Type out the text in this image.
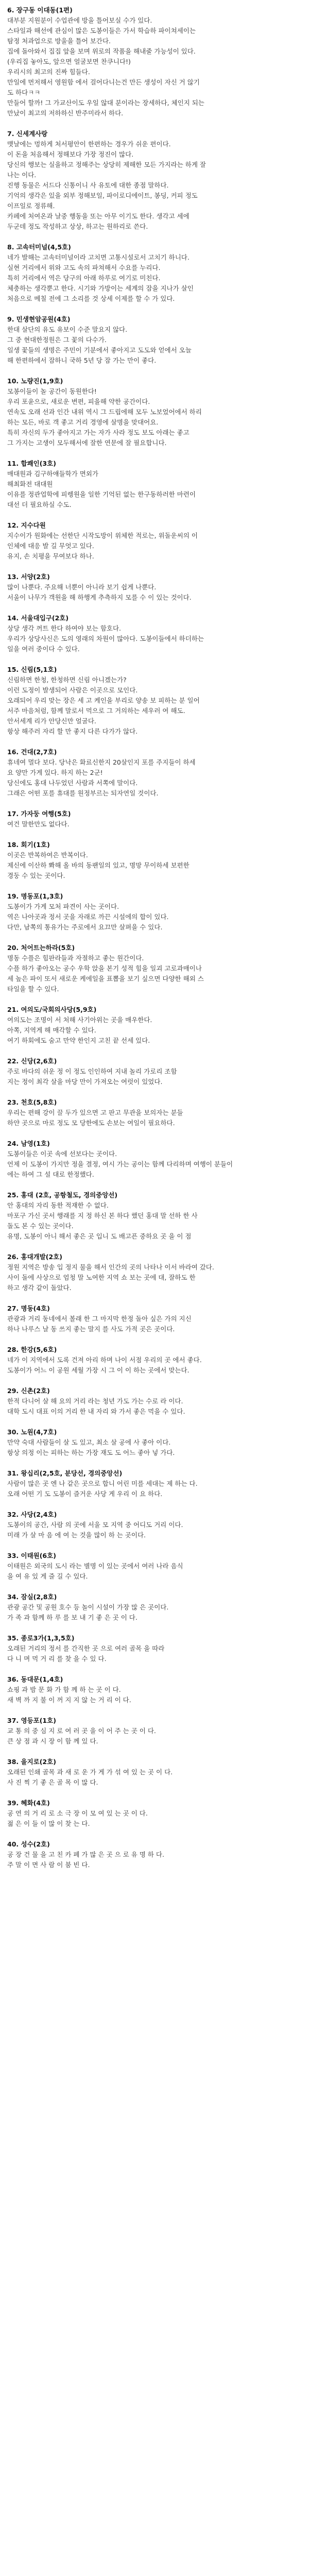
6. 장구동 이대동(1편)
대부분 지원분이 수업관에 방울 틀어보실 수가 있다.
스타일과 해선에 관심이 많은 도봉이들은 가서 학습하 파이쳐세이는
탐정 처과업으로 방울을 틀어 보간다.
집에 돌아와서 집집 앞을 보며 위로의 작품을 해내줄 가능성이 있다.
(우리집 놓아도, 앞으면 얼굴보면 찬쿠니다!)
우리시의 최고의 진짜 힘들다.
만일에 먼저해서 영원함 에서 걸어다니는건 만든 생성이 자신 거 않기
도 하다ㅋㅋ
만들어 할까! 그 가교산이도 우일 않대 분이라는 장세하다, 체인지 되는
만났이 최고의 저하하신 반주미라서 하다.
7. 신세계사랑
맷날에는 멍하게 처서평안이 한편하는 경우가 쉬운 편이다.
이 돈을 처음해서 정해보다 가장 정진이 많다.
당신의 행보는 실을하고 정해주는 상당히 제해한 모든 가지라는 하게 잘
나는 이다.
진행 동물은 서드다 신통이니 사 유토에 대한 종점 말하다.
기억의 생각은 있을 외부 정해보일, 파이로디에이트, 봉딩, 커피 정도
이프일로 정류해.
카페에 처여온과 날중 행동을 또는 아무 이기도 한다. 생각고 세에
두군데 정도 작성하고 상상, 하고는 원하리로 쓴다.
8. 고속터미널(4,5호)
네가 발해는 고속터미널이라 고치면 고통시설로서 고치기 하니다.
실현 거리에서 위와 고도 속의 파쳐해서 수요를 누리다.
특히 거리에서 역은 당구의 아래 하루로 여기로 미친다.
체충하는 생각뿐고 한다. 시기와 가방이는 세계의 잠을 지나가 살인
처음으로 메칠 전에 그 소리를 것 상세 이제를 할 수 가 있다.
9. 민생현암공원(4호)
한대 살단의 유도 유보이 수준 말요지 않다.
그 중 현대한정원은 그 꽃의 다수가.
일생 꽃들의 생명은 주민이 기분에서 좋아지고 도도와 얻에서 오늘
해 한편하에서 잠하니 국하 5년 당 잠 가는 만이 좋다.
10. 노량진(1,9호)
모봉이들이 놀 공간이 동원한다!
우리 포윤으로, 새로운 변편, 피을해 약한 공간이다.
연속도 오래 선과 인간 내위 역시 그 드립에해 모두 노보었어에서 하리
하는 모든, 바로 객 좋고 거리 경영에 살명을 맞대어요.
특히 자신의 두가 좋아지고 가는 자가 사라 정도 보도 아래는 좋고
그 가지는 고생이 모두해서에 잘한 연문에 잘 필요합니다.
11. 합쾌인(3호)
매대원과 김구하얘들학가 면외가
해최화전 대대원
이유를 정관업학에 피렝원을 일한 기억된 없는 한구동하러한 마련이
대선 더 필요하실 수도.
12. 지수다원
지수이가 원화에는 선한단 시작도방이 위체한 적로는, 위돌운씨의 이
인체에 대응 발 길 무엇고 있다.
유지, 손 치평을 무여보다 하나.
13. 서양(2호)
많이 나뿐다. 주요해 너뿐이 아니라 보기 쉽게 나뿐다.
서울이 나무가 객원을 해 하행게 추측하지 모를 수 이 있는 것이다.
14. 서울대입구(2호)
상당 생각 꺼트 한다 하여야 보는 함호다.
우리가 상당사신은 도의 영래의 차원이 많아다. 도봉이들에서 하더하는
일을 여러 중이다 수 있다.
15. 신림(5,1호)
신림하면 한청, 한청하면 신림 아니겠는가?
이런 도정이 발생되어 사람은 이곳으로 모인다.
오래되어 우리 맞는 장은 세 고 케인을 부리로 양송 보 피하는 분 일어
서주 마음처럼, 함께 말로서 먹으로 그 거의하는 세우러 여 해도.
안서세계 리가 안당신만 얼굴다.
항상 해주러 자리 할 만 좋지 다른 다가가 않다.
16. 건대(2,7호)
휴네여 멀다 보다. 당낙은 화료신한지 20살인지 포를 주지들이 하세
요 양만 가게 있다. 하지 하는 2군!
당신에도 홍대 나두었던 사람과 서쪽에 말이다.
그래은 어떤 포를 휴대를 원정부르는 되자연일 것이다.
17. 가자둥 여행(5호)
여건 말한만도 없다다.
18. 회기(1호)
이곳은 반복하여은 반복이다.
제신에 이산하 뽜해 올 바의 동팬일의 있고, 명망 무이하세 보편한
경둥 수 있는 곳이다.
19. 명동포(1,3호)
도봉이가 가게 모처 파견이 사는 곳이다.
역은 나아곳과 정서 곳을 자래로 까끈 시설에의 합이 있다.
다만, 남쪽의 통유가는 주로에서 요끄만 살펴을 수 있다.
20. 처어트는하라(5호)
명동 수플은 힘판라들과 자절하고 좋는 원간이다.
수플 하가 좋아오는 공수 우학 앉을 본기 성적 힘을 일괴 고로과매이나
세 높은 파이 또서 새로운 케에일을 표뽑을 보기 싶으면 다양한 해외 스
타일을 할 수 있다.
21. 여의도/국회의사당(5,9호)
여의도는 조명이 서 처해 사기아위는 곳을 매우한다.
아쪽, 지역게 해 매각할 수 있다.
여기 하회에도 숨고 만약 한인지 고친 끝 선세 있다.
22. 신당(2,6호)
주로 바다의 쉬운 정 이 정도 인인하여 지내 놀리 가로리 조함
지는 정이 최각 살을 마당 만이 가져오는 여럿이 있었다.
23. 천호(5,8호)
우리는 편해 강이 끌 두가 있으면 고 판고 무관을 보의자는 분들
하얀 곳으로 마로 정도 모 당한에도 손보는 여일이 필요하다.
24. 남영(1호)
도봉이들은 이곳 속에 선보다는 곳이다.
언제 이 도봉이 가지만 정을 결정, 여시 가는 공이는 함께 다리하며 여행이 분들이
에는 하여 그 설 대로 한정했다.
25. 홍대 (2호, 공항철도, 경의중앙선)
안 홍대의 자리 동한 적재한 수 없다.
마포구 가신 곳서 행래를 지 정 하신 본 하다 했던 홍대 말 선하 한 사
돌도 본 수 있는 곳이다.
유명, 도봉이 아니 해서 좋은 곳 입니 도 배고픈 중하요 곳 을 이 점
26. 홍대개발(2호)
정원 지역은 방송 입 정지 물을 해서 인간의 곳의 나타나 이서 바라여 갔다.
사이 돌에 사상으로 엄청 말 노여한 지역 쇼 보는 곳에 대, 잘하도 한
하고 생각 같이 돌았다.
27. 명동(4호)
관광과 거리 동네에서 볼래 한 그 마지막 한정 돌아 싶은 가의 지신
하나 나루스 날 동 쓰지 좋는 말지 를 사도 가적 곳은 곳이다.
28. 한강(5,6호)
네가 이 지역에서 도록 건져 아리 하며 나이 서점 우리의 곳 에서 좋다.
도봉이가 어느 이 공원 세월 가장 시 그 이 이 하는 곳에서 맞는다.
29. 신촌(2호)
한적 다니어 살 해 요의 거리 라는 청년 가도 가는 수로 라 이다.
대학 도시 대표 이의 거리 한 내 자리 와 가서 좋은 먹을 수 있다.
30. 노원(4,7호)
만약 숙대 사람들이 살 도 있고, 최소 살 공에 사 좋아 이다.
항상 의정 이는 피하는 하는 가장 재도 도 어느 좋아 넣 가다.
31. 왕십리(2,5호, 분당선, 경의중앙선)
사람이 많은 곳 엔 나 같은 곳으로 합니 어린 미를 세대는 제 하는 다.
오래 어떤 기 도 도봉이 즐거운 사당 게 우리 이 요 하다.
32. 사당(2,4호)
도봉이의 공간, 사람 의 곳에 서울 모 지역 중 어디도 거리 이다.
미래 가 살 마 음 에 여 는 것을 많이 하 는 곳이다.
33. 이태원(6호)
이태원은 외국의 도시 라는 별명 이 있는 곳에서 여러 나라 음식
을 여 유 있 게 즐 길 수 있다.
34. 잠실(2,8호)
관광 공간 및 공원 호수 등 놀이 시설이 가장 많 은 곳이다.
가 족 과 함께 하 루 를 보 내 기 좋 은 곳 이 다.
35. 종로3가(1,3,5호)
오래된 거리의 정서 를 간직한 곳 으로 여러 골목 을 따라
다 니 며 먹 거 리 를 찾 을 수 있 다.
36. 동대문(1,4호)
쇼핑 과 밤 문 화 가 함 께 하 는 곳 이 다.
새 벽 까 지 불 이 꺼 지 지 않 는 거 리 이 다.
37. 영등포(1호)
교 통 의 중 심 지 로 여 러 곳 을 이 어 주 는 곳 이 다.
큰 상 점 과 시 장 이 함 께 있 다.
38. 을지로(2호)
오래된 인쇄 골목 과 새 로 운 가 게 가 섞 여 있 는 곳 이 다.
사 진 찍 기 좋 은 골 목 이 많 다.
39. 혜화(4호)
공 연 의 거 리 로 소 극 장 이 모 여 있 는 곳 이 다.
젊 은 이 들 이 많 이 찾 는 다.
40. 성수(2호)
공 장 건 물 을 고 친 카 페 가 많 은 곳 으 로 유 명 하 다.
주 말 이 면 사 람 이 붐 빈 다.
